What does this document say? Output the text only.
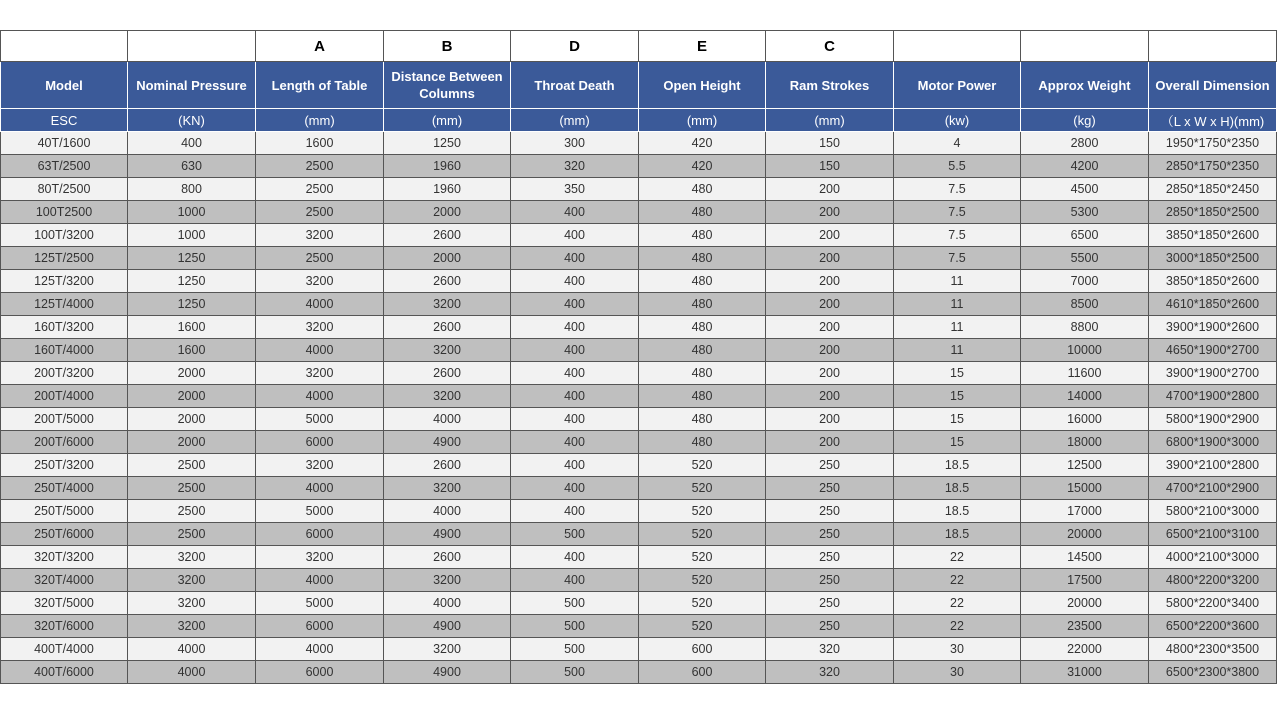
		A	B	D	E	C			
Model	Nominal Pressure	Length of Table	Distance Between Columns	Throat Death	Open Height	Ram Strokes	Motor Power	Approx Weight	Overall Dimension
ESC	(KN)	(mm)	(mm)	(mm)	(mm)	(mm)	(kw)	(kg)	（L x W x H)(mm)
40T/1600	400	1600	1250	300	420	150	4	2800	1950*1750*2350
63T/2500	630	2500	1960	320	420	150	5.5	4200	2850*1750*2350
80T/2500	800	2500	1960	350	480	200	7.5	4500	2850*1850*2450
100T2500	1000	2500	2000	400	480	200	7.5	5300	2850*1850*2500
100T/3200	1000	3200	2600	400	480	200	7.5	6500	3850*1850*2600
125T/2500	1250	2500	2000	400	480	200	7.5	5500	3000*1850*2500
125T/3200	1250	3200	2600	400	480	200	11	7000	3850*1850*2600
125T/4000	1250	4000	3200	400	480	200	11	8500	4610*1850*2600
160T/3200	1600	3200	2600	400	480	200	11	8800	3900*1900*2600
160T/4000	1600	4000	3200	400	480	200	11	10000	4650*1900*2700
200T/3200	2000	3200	2600	400	480	200	15	11600	3900*1900*2700
200T/4000	2000	4000	3200	400	480	200	15	14000	4700*1900*2800
200T/5000	2000	5000	4000	400	480	200	15	16000	5800*1900*2900
200T/6000	2000	6000	4900	400	480	200	15	18000	6800*1900*3000
250T/3200	2500	3200	2600	400	520	250	18.5	12500	3900*2100*2800
250T/4000	2500	4000	3200	400	520	250	18.5	15000	4700*2100*2900
250T/5000	2500	5000	4000	400	520	250	18.5	17000	5800*2100*3000
250T/6000	2500	6000	4900	500	520	250	18.5	20000	6500*2100*3100
320T/3200	3200	3200	2600	400	520	250	22	14500	4000*2100*3000
320T/4000	3200	4000	3200	400	520	250	22	17500	4800*2200*3200
320T/5000	3200	5000	4000	500	520	250	22	20000	5800*2200*3400
320T/6000	3200	6000	4900	500	520	250	22	23500	6500*2200*3600
400T/4000	4000	4000	3200	500	600	320	30	22000	4800*2300*3500
400T/6000	4000	6000	4900	500	600	320	30	31000	6500*2300*3800
